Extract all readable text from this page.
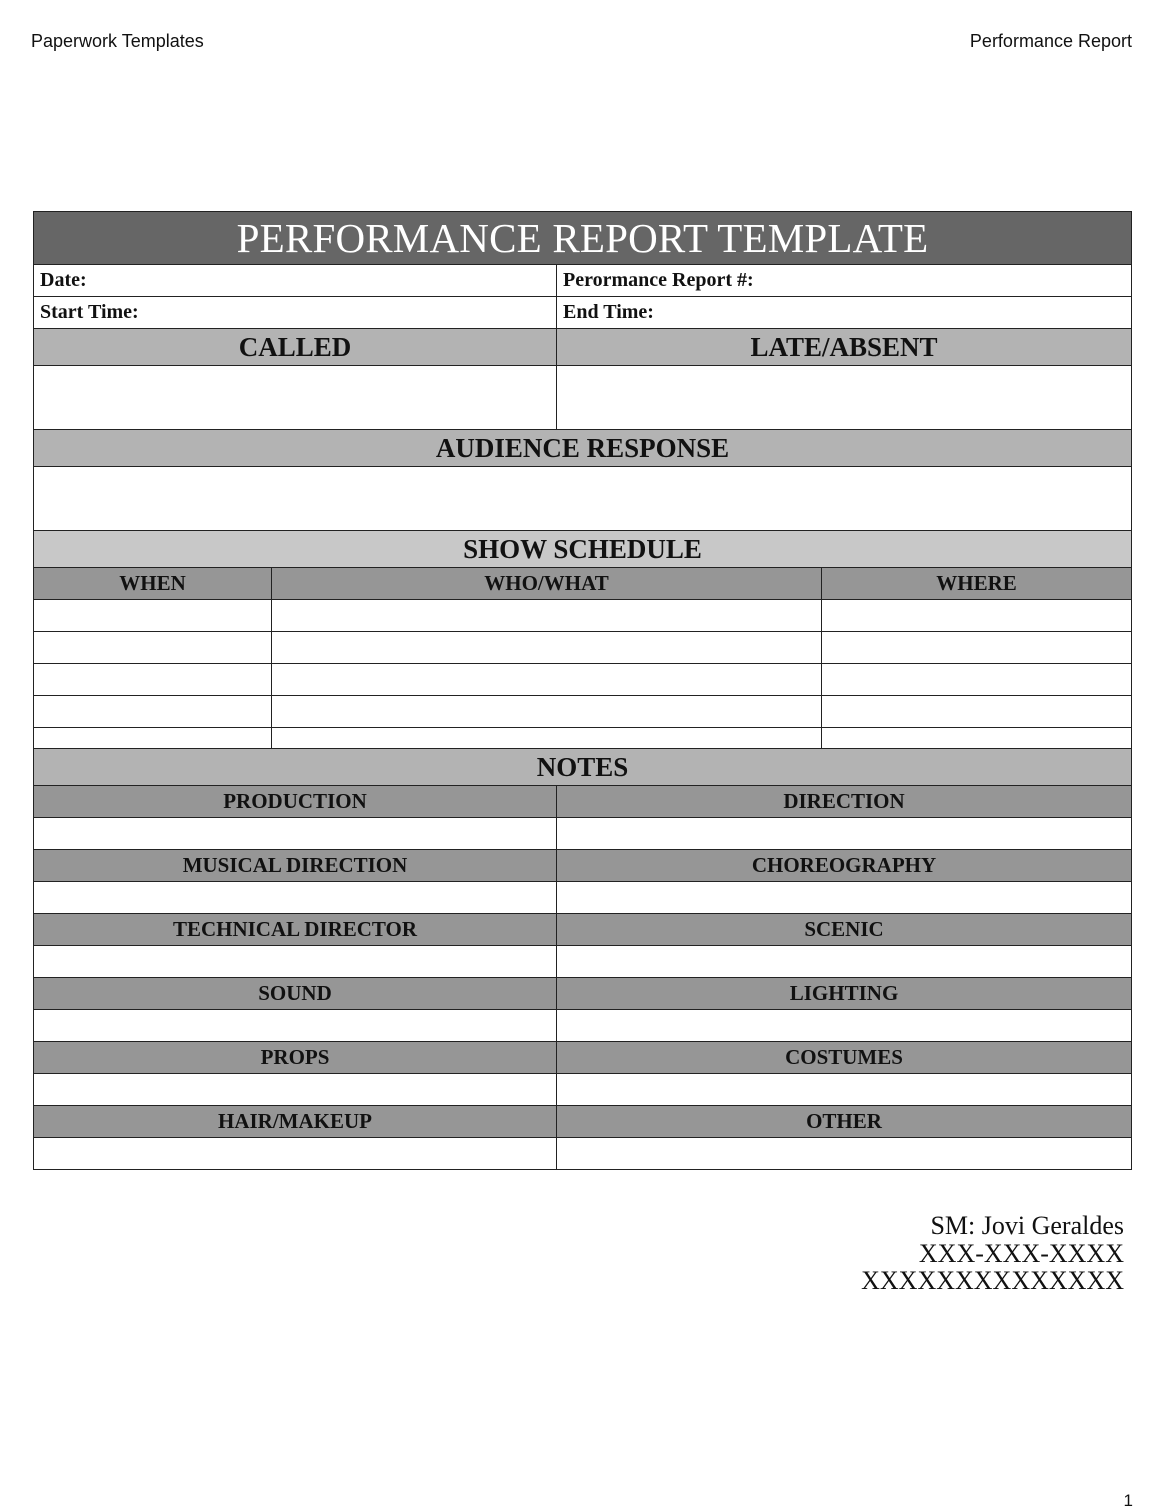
Paperwork Templates	Performance Report
PERFORMANCE REPORT TEMPLATE			
Date:		Perormance Report #:	
Start Time:		End Time:	
CALLED		LATE/ABSENT	

AUDIENCE RESPONSE			

SHOW SCHEDULE			
WHEN	WHO/WHAT		WHERE

NOTES			
PRODUCTION		DIRECTION	

MUSICAL DIRECTION		CHOREOGRAPHY	

TECHNICAL DIRECTOR		SCENIC	

SOUND		LIGHTING	

PROPS		COSTUMES	

HAIR/MAKEUP		OTHER	

SM: Jovi Geraldes
XXX-XXX-XXXX
XXXXXXXXXXXXXX
1
